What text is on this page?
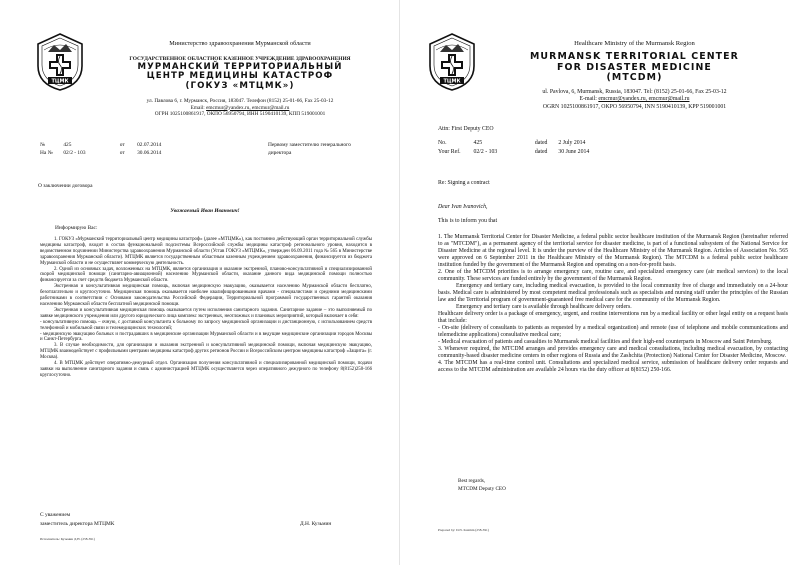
ТЦМК
Министерство здравоохранения Мурманской области
ГОСУДАРСТВЕННОЕ ОБЛАСТНОЕ КАЗЕННОЕ УЧРЕЖДЕНИЕ ЗДРАВООХРАНЕНИЯ
МУРМАНСКИЙ ТЕРРИТОРИАЛЬНЫЙ
ЦЕНТР МЕДИЦИНЫ КАТАСТРОФ
(ГОКУЗ «МТЦМК»)
ул. Павлова 6, г. Мурманск, Россия, 183047. Телефон (8152) 25-01-66, Fax 25-03-12
Email: emcmur@yandex.ru, emcmur@mail.ru
ОГРН 1025100861917, ОКПО 56950794, ИНН 5190410139, КПП 519001001
№	425	от 02.07.2014
На № 02/2 - 103	от 30.06.2014
Первому заместителю генерального директора
О заключении договора
Уважаемый Иван Иванович!
Информирую Вас:

1. ГОКУЗ «Мурманский территориальный центр медицины катастроф» (далее «МТЦМК»), как постоянно действующий орган территориальной службы медицины катастроф, входит в состав функциональной подсистемы Всероссийской службы медицины катастроф регионального уровня, находится в ведомственном подчинении Министерства здравоохранения Мурманской области (Устав ГОКУЗ «МТЦМК», утвержден 06.09.2011 года № 565 в Министерстве здравоохранения Мурманской области). МТЦМК является государственным областным казенным учреждением здравоохранения, финансируется из бюджета Мурманской области и не осуществляет коммерческую деятельность.

2. Одной из основных задач, возложенных на МТЦМК, является организация и оказание экстренной, планово-консультативной и специализированной скорой медицинской помощи (санитарно-авиационной) населению Мурманской области, оказание данного вида медицинской помощи полностью финансируется за счет средств бюджета Мурманской области.

Экстренная и консультативная медицинская помощь, включая медицинскую эвакуацию, оказывается населению Мурманской области бесплатно, безотлагательно и круглосуточно. Медицинская помощь оказывается наиболее квалифицированными врачами - специалистами и средними медицинскими работниками в соответствии с Основами законодательства Российской Федерации, Территориальной программой государственных гарантий оказания населению Мурманской области бесплатной медицинской помощи.

Экстренная и консультативная медицинская помощь оказывается путем исполнения санитарного задания. Санитарное задание – это выполняемый по заявке медицинского учреждения или другого юридического лица комплекс экстренных, неотложных и плановых мероприятий, который включает в себя:

- консультативную помощь – очную, с доставкой консультанта к больному по запросу медицинской организации и дистанционную, с использованием средств телефонной и мобильной связи и телемедицинских технологий;

- медицинскую эвакуацию больных и пострадавших в медицинские организации Мурманской области и в ведущие медицинские организации городов Москвы и Санкт-Петербурга.

3. В случае необходимости, для организации и оказания экстренной и консультативной медицинской помощи, включая медицинскую эвакуацию, МТЦМК взаимодействует с профильными центрами медицины катастроф других регионов России и Всероссийским центром медицины катастроф «Защита» (г. Москва).

4. В МТЦМК действует оперативно-дежурный отдел. Организация получения консультативной и специализированной медицинской помощи, подачи заявки на выполнение санитарного задания и связь с администрацией МТЦМК осуществляется через оперативного дежурного по телефону 8(8152)250-166 круглосуточно.

С уважением
заместитель директора МТЦМК	Д.Н. Кузьмин
Исполнитель: Кузьмин Д.Н. (258-391)
ТЦМК
Healthcare Ministry of the Murmansk Region
MURMANSK TERRITORIAL CENTER
FOR DISASTER MEDICINE
(MTCDM)
ul. Pavlova, 6, Murmansk, Russia, 183047. Tel: (8152) 25-01-66, Fax 25-03-12
E-mail: emcmur@yandex.ru, emcmur@mail.ru
OGRN 1025100861917, OKPO 56950794, INN 5190410139, KPP 519001001
Attn: First Deputy CEO
No.	425	dated 2 July 2014
Your Ref. 02/2 - 103	dated 30 June 2014
Re: Signing a contract
Dear Ivan Ivanovich,
This is to inform you that

1. The Murmansk Territorial Center for Disaster Medicine, a federal public sector healthcare institution of the Murmansk Region (hereinafter referred to as "MTCDM"), as a permanent agency of the territorial service for disaster medicine, is part of a functional subsystem of the National Service for Disaster Medicine at the regional level. It is under the purview of the Healthcare Ministry of the Murmansk Region. Articles of Association No. 565 were approved on 6 September 2011 in the Healthcare Ministry of the Murmansk Region). The MTCDM is a federal public sector healthcare institution funded by the government of the Murmansk Region and operating on a non-for-profit basis.

2. One of the MTCDM priorities is to arrange emergency care, routine care, and specialized emergency care (air medical services) to the local community. These services are funded entirely by the government of the Murmansk Region.

Emergency and tertiary care, including medical evacuation, is provided to the local community free of charge and immediately on a 24-hour basis. Medical care is administered by most competent medical professionals such as specialists and nursing staff under the principles of the Russian law and the Territorial program of government-guaranteed free medical care for the community of the Murmansk Region.

Emergency and tertiary care is available through healthcare delivery orders.

Healthcare delivery order is a package of emergency, urgent, and routine interventions run by a medical facility or other legal entity on a request basis that include:

- On-site (delivery of consultants to patients as requested by a medical organization) and remote (use of telephone and mobile communications and telemedicine applications) consultative medical care;

- Medical evacuation of patients and casualties to Murmansk medical facilities and their high-end counterparts in Moscow and Saint Petersburg.

3. Whenever required, the MTCDM arranges and provides emergency care and medical consultations, including medical evacuation, by contacting community-based disaster medicine centers in other regions of Russia and the Zashchita (Protection) National Center for Disaster Medicine, Moscow.

4. The MTCDM has a real-time control unit. Consultations and specialized medical service, submission of healthcare delivery order requests and access to the MTCDM administration are available 24 hours via the duty officer at 8(8152) 250-166.

Best regards,
MTCDM Deputy CEO
Prepared by: D.N. Kuzmin (258-391)
